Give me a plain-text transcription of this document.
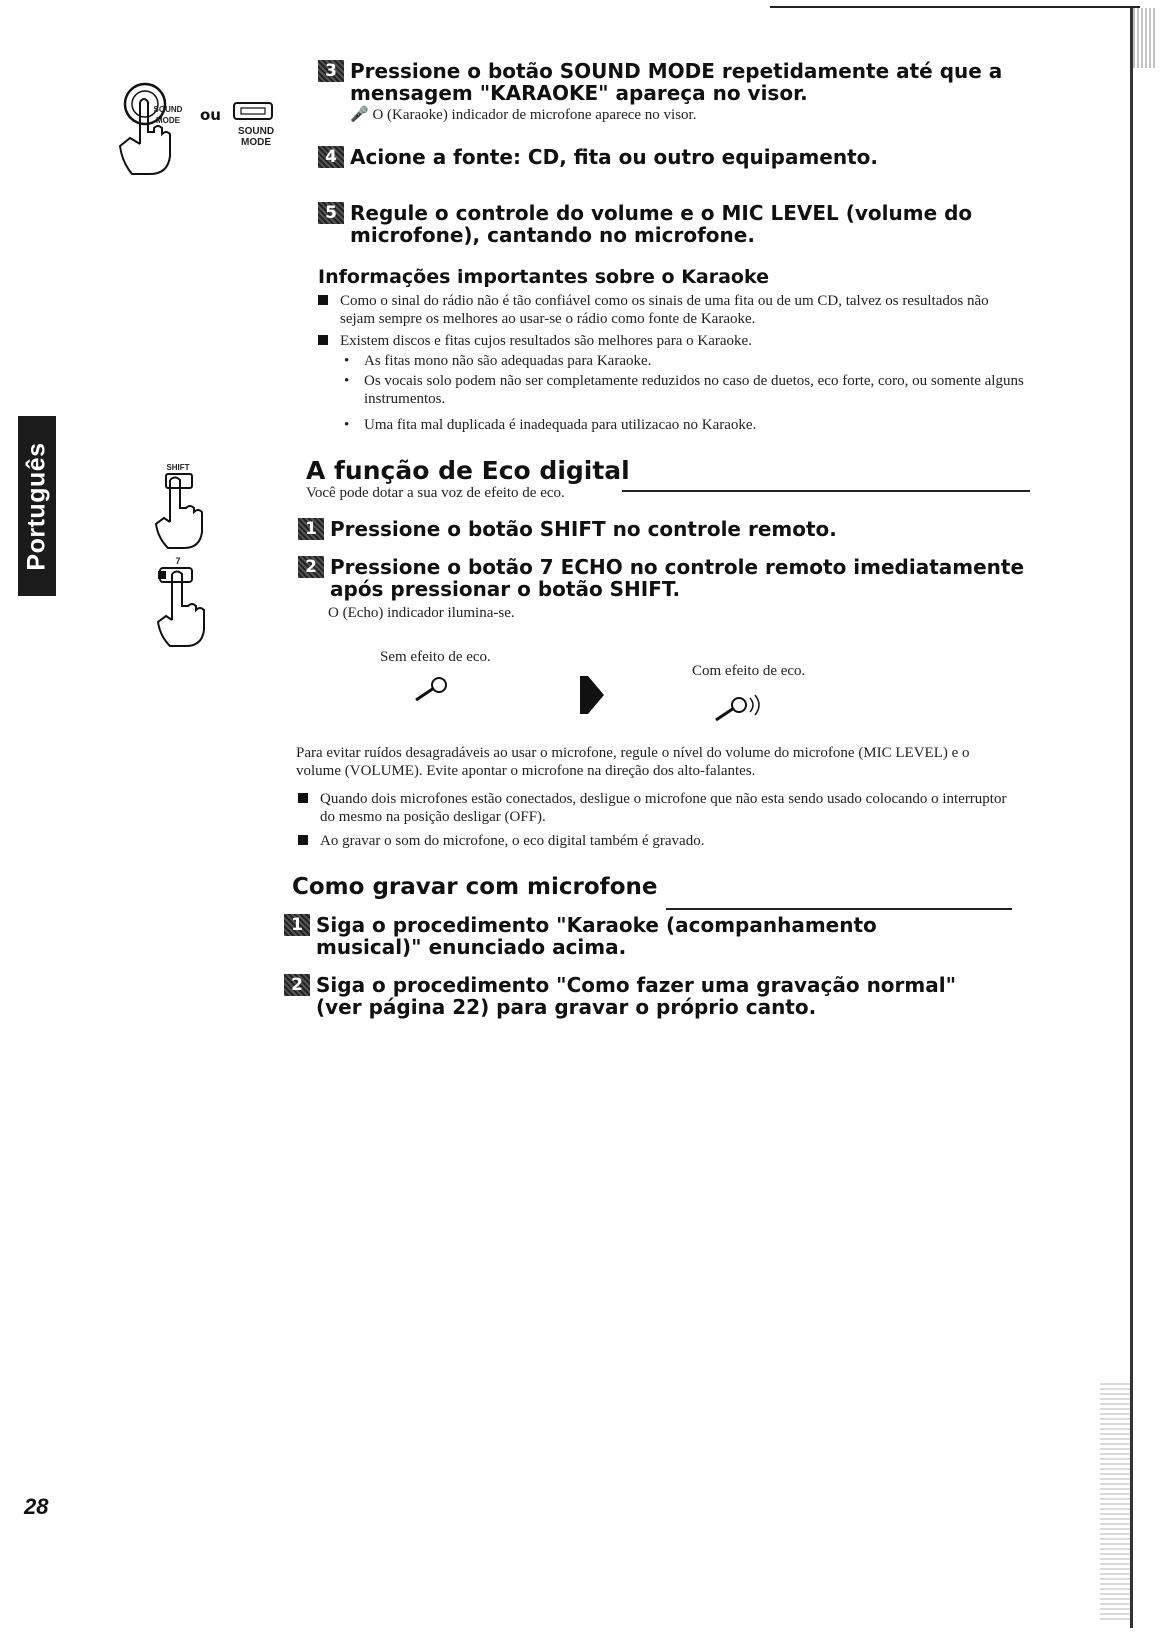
Português
SOUND MODE	ou
SOUND
MODE
SHIFT
7
3 Pressione o botão SOUND MODE repetidamente até que a mensagem "KARAOKE" apareça no visor.
🎤 O (Karaoke) indicador de microfone aparece no visor.
4 Acione a fonte: CD, fita ou outro equipamento.
5 Regule o controle do volume e o MIC LEVEL (volume do microfone), cantando no microfone.
Informações importantes sobre o Karaoke
Como o sinal do rádio não é tão confiável como os sinais de uma fita ou de um CD, talvez os resultados não sejam sempre os melhores ao usar-se o rádio como fonte de Karaoke.
Existem discos e fitas cujos resultados são melhores para o Karaoke.
• As fitas mono não são adequadas para Karaoke.
• Os vocais solo podem não ser completamente reduzidos no caso de duetos, eco forte, coro, ou somente alguns instrumentos.
• Uma fita mal duplicada é inadequada para utilizacao no Karaoke.
A função de Eco digital
Você pode dotar a sua voz de efeito de eco.
1 Pressione o botão SHIFT no controle remoto.
2 Pressione o botão 7 ECHO no controle remoto imediatamente após pressionar o botão SHIFT.
O (Echo) indicador ilumina-se.
Sem efeito de eco.
Com efeito de eco.
Para evitar ruídos desagradáveis ao usar o microfone, regule o nível do volume do microfone (MIC LEVEL) e o volume (VOLUME). Evite apontar o microfone na direção dos alto-falantes.
Quando dois microfones estão conectados, desligue o microfone que não esta sendo usado colocando o interruptor do mesmo na posição desligar (OFF).
Ao gravar o som do microfone, o eco digital também é gravado.
Como gravar com microfone
1 Siga o procedimento "Karaoke (acompanhamento musical)" enunciado acima.
2 Siga o procedimento "Como fazer uma gravação normal" (ver página 22) para gravar o próprio canto.
28
